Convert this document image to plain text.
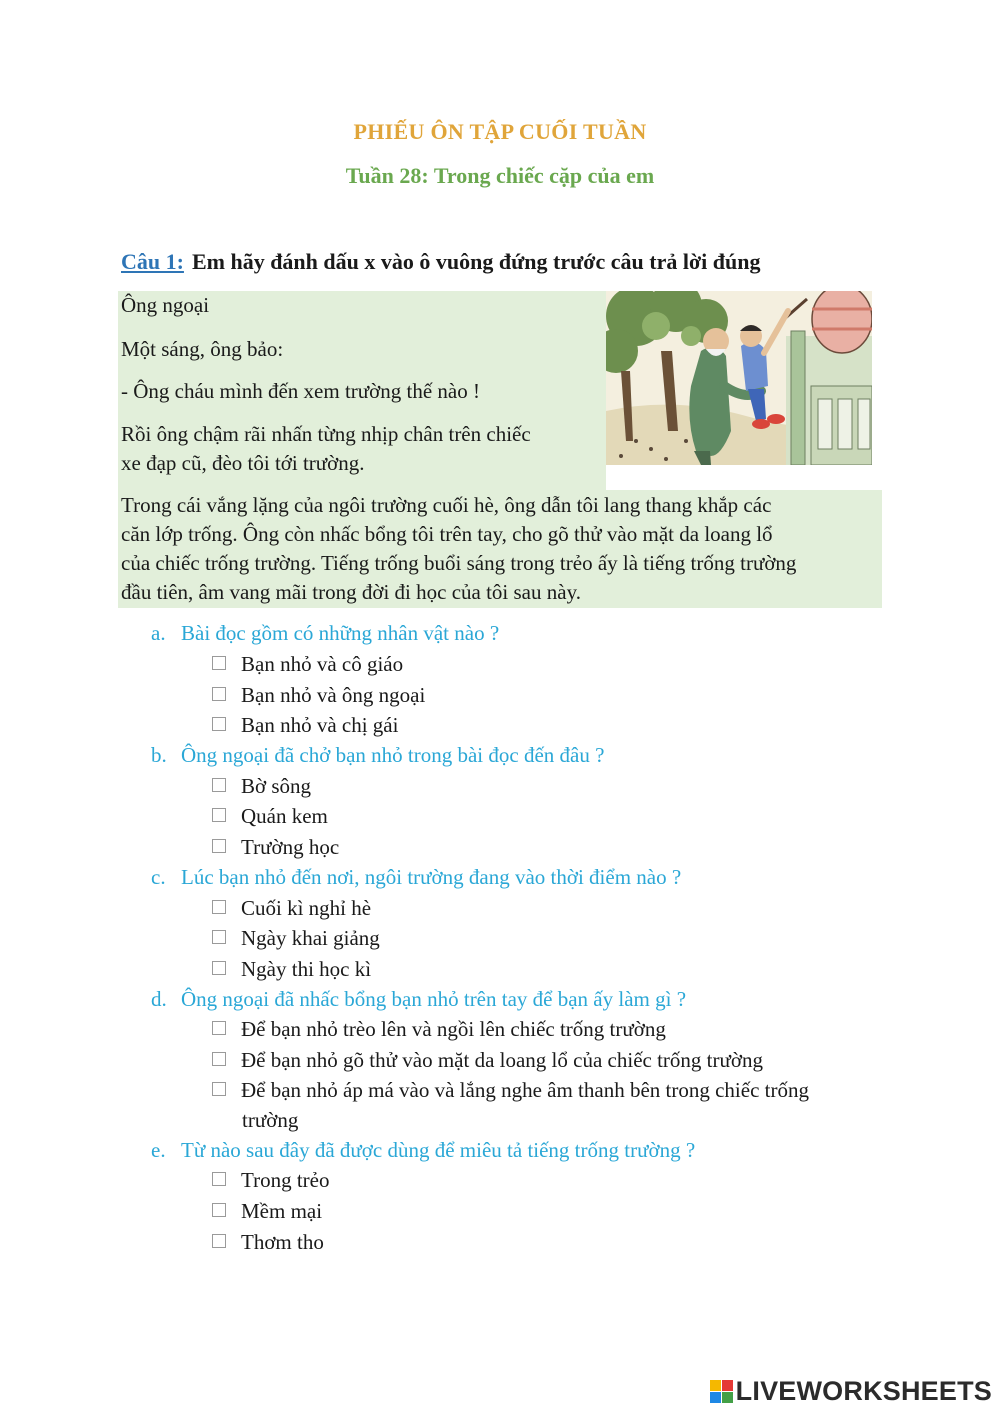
PHIẾU ÔN TẬP CUỐI TUẦN
Tuần 28: Trong chiếc cặp của em
Câu 1: Em hãy đánh dấu x vào ô vuông đứng trước câu trả lời đúng
Ông ngoại
Một sáng, ông bảo:
- Ông cháu mình đến xem trường thế nào !
Rồi ông chậm rãi nhấn từng nhịp chân trên chiếc
xe đạp cũ, đèo tôi tới trường.
Trong cái vắng lặng của ngôi trường cuối hè, ông dẫn tôi lang thang khắp các
căn lớp trống. Ông còn nhấc bổng tôi trên tay, cho gõ thử vào mặt da loang lổ
của chiếc trống trường. Tiếng trống buổi sáng trong trẻo ấy là tiếng trống trường
đầu tiên, âm vang mãi trong đời đi học của tôi sau này.
a. Bài đọc gồm có những nhân vật nào ?
Bạn nhỏ và cô giáo
Bạn nhỏ và ông ngoại
Bạn nhỏ và chị gái
b. Ông ngoại đã chở bạn nhỏ trong bài đọc đến đâu ?
Bờ sông
Quán kem
Trường học
c. Lúc bạn nhỏ đến nơi, ngôi trường đang vào thời điểm nào ?
Cuối kì nghỉ hè
Ngày khai giảng
Ngày thi học kì
d. Ông ngoại đã nhấc bổng bạn nhỏ trên tay để bạn ấy làm gì ?
Để bạn nhỏ trèo lên và ngồi lên chiếc trống trường
Để bạn nhỏ gõ thử vào mặt da loang lổ của chiếc trống trường
Để bạn nhỏ áp má vào và lắng nghe âm thanh bên trong chiếc trống
trường
e. Từ nào sau đây đã được dùng để miêu tả tiếng trống trường ?
Trong trẻo
Mềm mại
Thơm tho
LIVEWORKSHEETS
